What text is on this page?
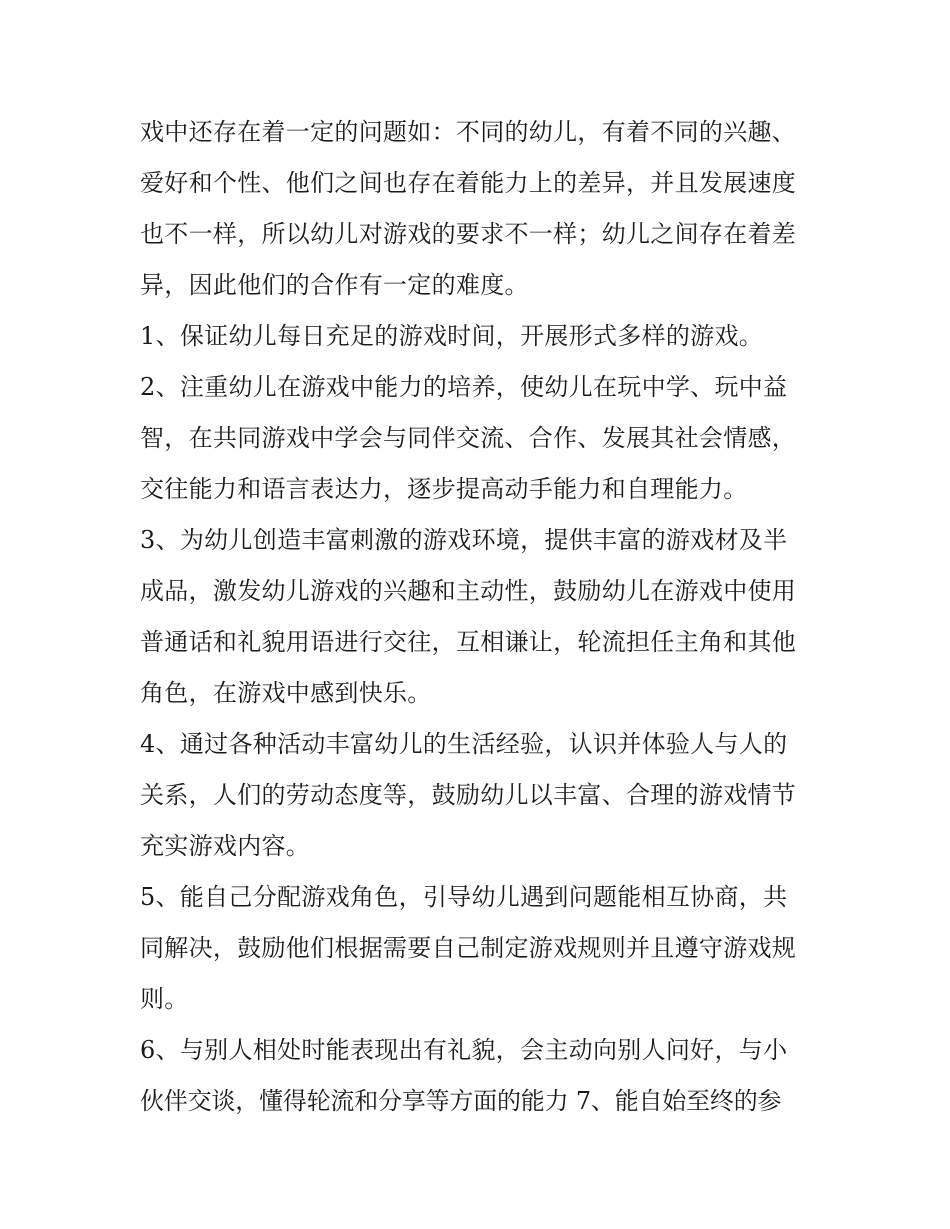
戏中还存在着一定的问题如：不同的幼儿，有着不同的兴趣、
爱好和个性、他们之间也存在着能力上的差异，并且发展速度
也不一样，所以幼儿对游戏的要求不一样；幼儿之间存在着差
异，因此他们的合作有一定的难度。
1、保证幼儿每日充足的游戏时间，开展形式多样的游戏。
2、注重幼儿在游戏中能力的培养，使幼儿在玩中学、玩中益
智，在共同游戏中学会与同伴交流、合作、发展其社会情感，
交往能力和语言表达力，逐步提高动手能力和自理能力。
3、为幼儿创造丰富刺激的游戏环境，提供丰富的游戏材及半
成品，激发幼儿游戏的兴趣和主动性，鼓励幼儿在游戏中使用
普通话和礼貌用语进行交往，互相谦让，轮流担任主角和其他
角色，在游戏中感到快乐。
4、通过各种活动丰富幼儿的生活经验，认识并体验人与人的
关系，人们的劳动态度等，鼓励幼儿以丰富、合理的游戏情节
充实游戏内容。
5、能自己分配游戏角色，引导幼儿遇到问题能相互协商，共
同解决，鼓励他们根据需要自己制定游戏规则并且遵守游戏规
则。
6、与别人相处时能表现出有礼貌，会主动向别人问好，与小
伙伴交谈，懂得轮流和分享等方面的能力 7、能自始至终的参
